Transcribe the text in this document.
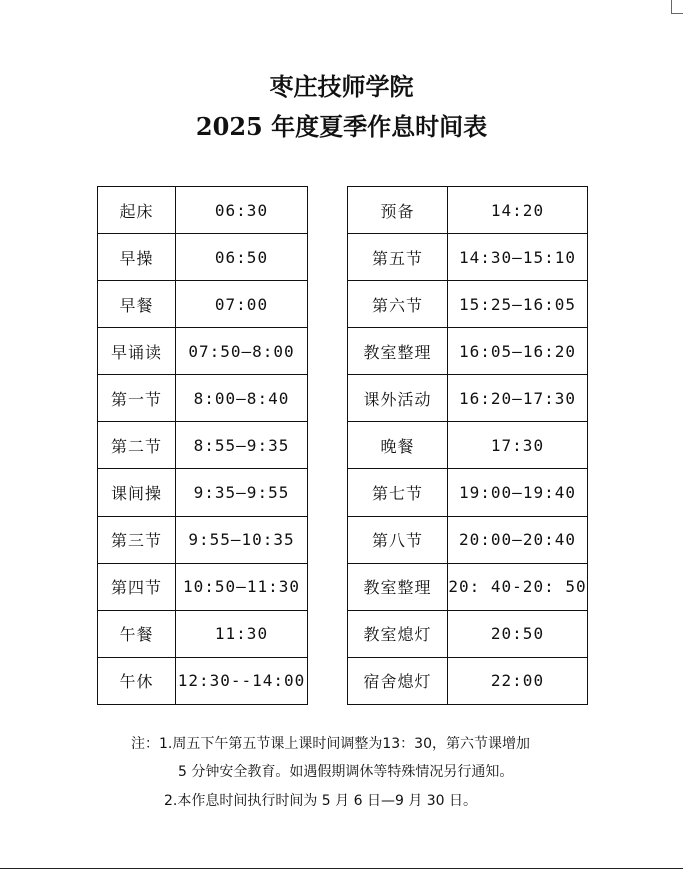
枣庄技师学院
2025 年度夏季作息时间表
起床	06:30		预备	14:20
早操	06:50		第五节	14:30—15:10
早餐	07:00		第六节	15:25—16:05
早诵读	07:50—8:00		教室整理	16:05—16:20
第一节	8:00—8:40		课外活动	16:20—17:30
第二节	8:55—9:35		晚餐	17:30
课间操	9:35—9:55		第七节	19:00—19:40
第三节	9:55—10:35		第八节	20:00—20:40
第四节	10:50—11:30		教室整理	20: 40-20: 50
午餐	11:30		教室熄灯	20:50
午休	12:30--14:00		宿舍熄灯	22:00
注：1.周五下午第五节课上课时间调整为13：30，第六节课增加
5 分钟安全教育。如遇假期调休等特殊情况另行通知。
2.本作息时间执行时间为 5 月 6 日—9 月 30 日。
